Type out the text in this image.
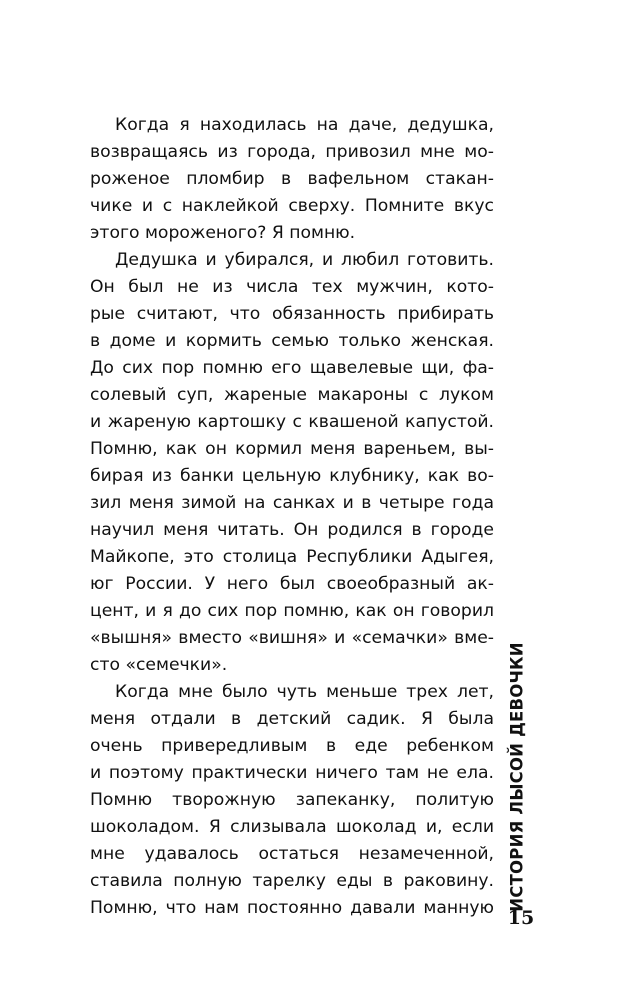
Когда я находилась на даче, дедушка,
возвращаясь из города, привозил мне мо-
роженое пломбир в вафельном стакан-
чике и с наклейкой сверху. Помните вкус
этого мороженого? Я помню.
Дедушка и убирался, и любил готовить.
Он был не из числа тех мужчин, кото-
рые считают, что обязанность прибирать
в доме и кормить семью только женская.
До сих пор помню его щавелевые щи, фа-
солевый суп, жареные макароны с луком
и жареную картошку с квашеной капустой.
Помню, как он кормил меня вареньем, вы-
бирая из банки цельную клубнику, как во-
зил меня зимой на санках и в четыре года
научил меня читать. Он родился в городе
Майкопе, это столица Республики Адыгея,
юг России. У него был своеобразный ак-
цент, и я до сих пор помню, как он говорил
«вышня» вместо «вишня» и «семачки» вме-
сто «семечки».
Когда мне было чуть меньше трех лет,
меня отдали в детский садик. Я была
очень привередливым в еде ребенком
и поэтому практически ничего там не ела.
Помню творожную запеканку, политую
шоколадом. Я слизывала шоколад и, если
мне удавалось остаться незамеченной,
ставила полную тарелку еды в раковину.
Помню, что нам постоянно давали манную ИСТОРИЯ ЛЫСОЙ ДЕВОЧКИ
15
